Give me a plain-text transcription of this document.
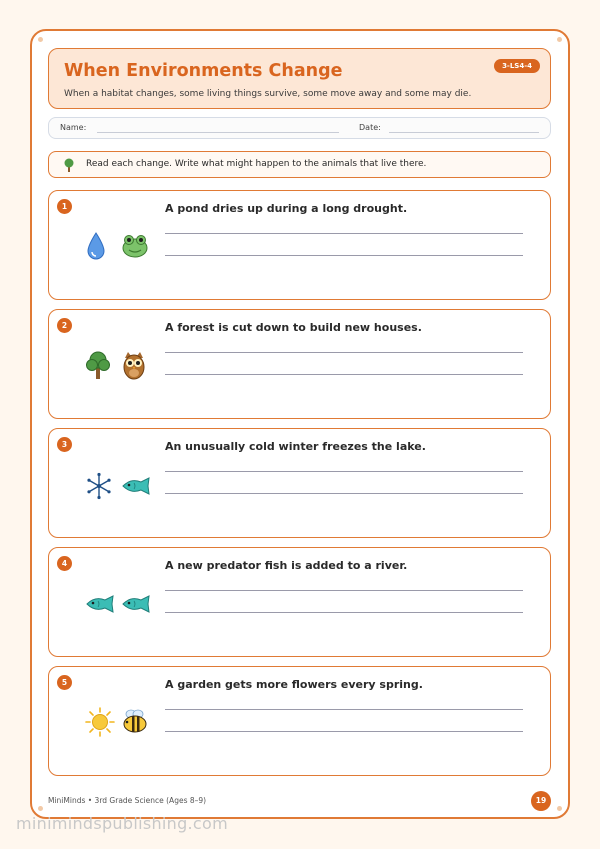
When Environments Change
When a habitat changes, some living things survive, some move away and some may die.
3-LS4-4
Name:	Date:
Read each change. Write what might happen to the animals that live there.
1	A pond dries up during a long drought.
2	A forest is cut down to build new houses.
3	An unusually cold winter freezes the lake.
4	A new predator fish is added to a river.
5	A garden gets more flowers every spring.
MiniMinds • 3rd Grade Science (Ages 8–9)	19
minimindspublishing.com
